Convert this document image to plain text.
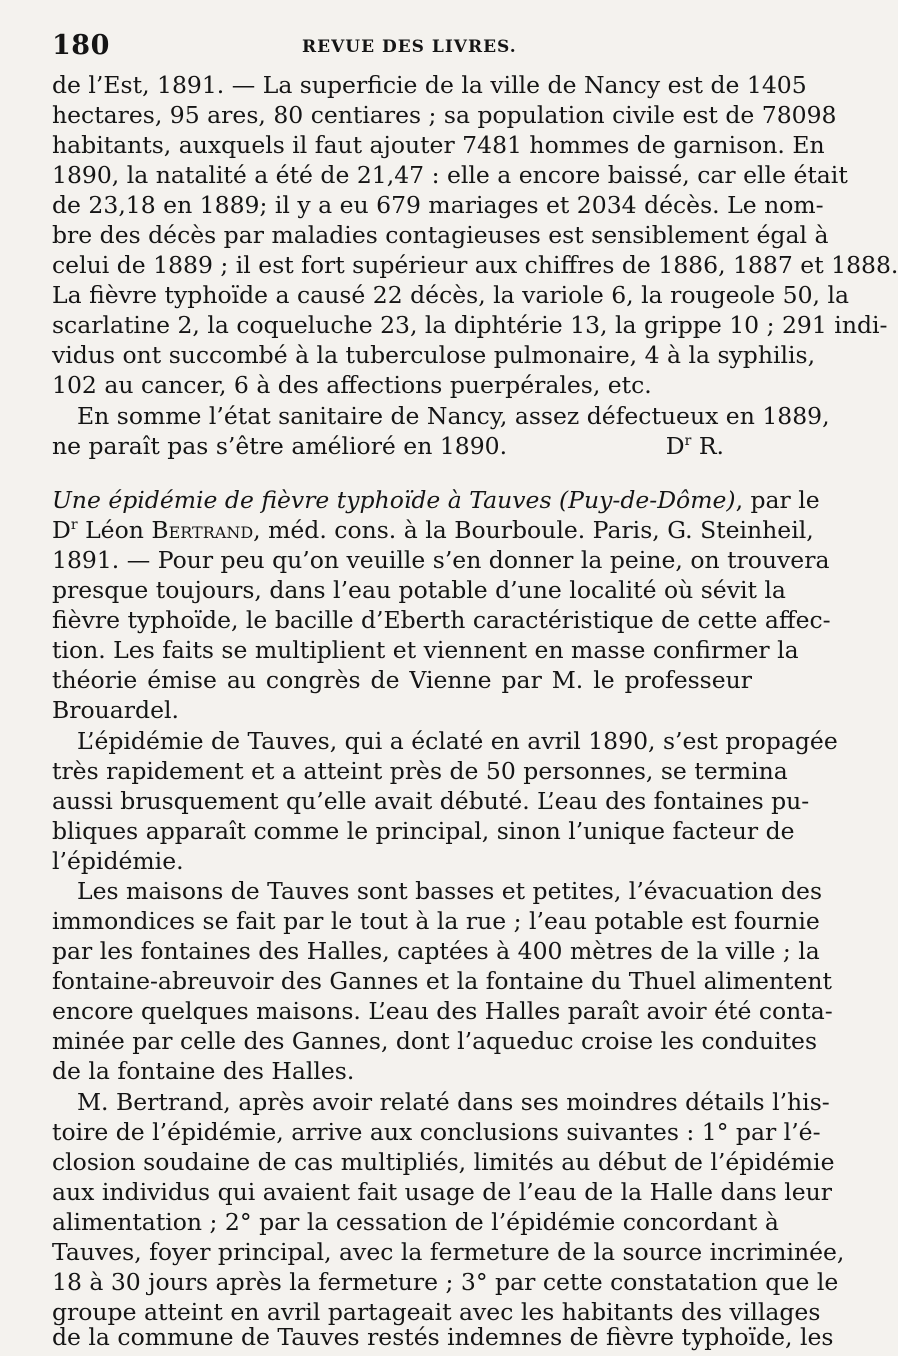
180	REVUE DES LIVRES.
de l’Est, 1891. — La superficie de la ville de Nancy est de 1405
hectares, 95 ares, 80 centiares ; sa population civile est de 78098
habitants, auxquels il faut ajouter 7481 hommes de garnison. En
1890, la natalité a été de 21,47 : elle a encore baissé, car elle était
de 23,18 en 1889; il y a eu 679 mariages et 2034 décès. Le nom-
bre des décès par maladies contagieuses est sensiblement égal à
celui de 1889 ; il est fort supérieur aux chiffres de 1886, 1887 et 1888.
La fièvre typhoïde a causé 22 décès, la variole 6, la rougeole 50, la
scarlatine 2, la coqueluche 23, la diphtérie 13, la grippe 10 ; 291 indi-
vidus ont succombé à la tuberculose pulmonaire, 4 à la syphilis,
102 au cancer, 6 à des affections puerpérales, etc.
En somme l’état sanitaire de Nancy, assez défectueux en 1889,
ne paraît pas s’être amélioré en 1890.	$D^r$ R.
Une épidémie de fièvre typhoïde à Tauves (Puy-de-Dôme), par le
$D^r$ Léon Bertrand, méd. cons. à la Bourboule. Paris, G. Steinheil,
1891. — Pour peu qu’on veuille s’en donner la peine, on trouvera
presque toujours, dans l’eau potable d’une localité où sévit la
fièvre typhoïde, le bacille d’Eberth caractéristique de cette affec-
tion. Les faits se multiplient et viennent en masse confirmer la
théorie émise au congrès de Vienne par M. le professeur
Brouardel.
L’épidémie de Tauves, qui a éclaté en avril 1890, s’est propagée
très rapidement et a atteint près de 50 personnes, se termina
aussi brusquement qu’elle avait débuté. L’eau des fontaines pu-
bliques apparaît comme le principal, sinon l’unique facteur de
l’épidémie.
Les maisons de Tauves sont basses et petites, l’évacuation des
immondices se fait par le tout à la rue ; l’eau potable est fournie
par les fontaines des Halles, captées à 400 mètres de la ville ; la
fontaine-abreuvoir des Gannes et la fontaine du Thuel alimentent
encore quelques maisons. L’eau des Halles paraît avoir été conta-
minée par celle des Gannes, dont l’aqueduc croise les conduites
de la fontaine des Halles.
M. Bertrand, après avoir relaté dans ses moindres détails l’his-
toire de l’épidémie, arrive aux conclusions suivantes : 1° par l’é-
closion soudaine de cas multipliés, limités au début de l’épidémie
aux individus qui avaient fait usage de l’eau de la Halle dans leur
alimentation ; 2° par la cessation de l’épidémie concordant à
Tauves, foyer principal, avec la fermeture de la source incriminée,
18 à 30 jours après la fermeture ; 3° par cette constatation que le
groupe atteint en avril partageait avec les habitants des villages
de la commune de Tauves restés indemnes de fièvre typhoïde, les
